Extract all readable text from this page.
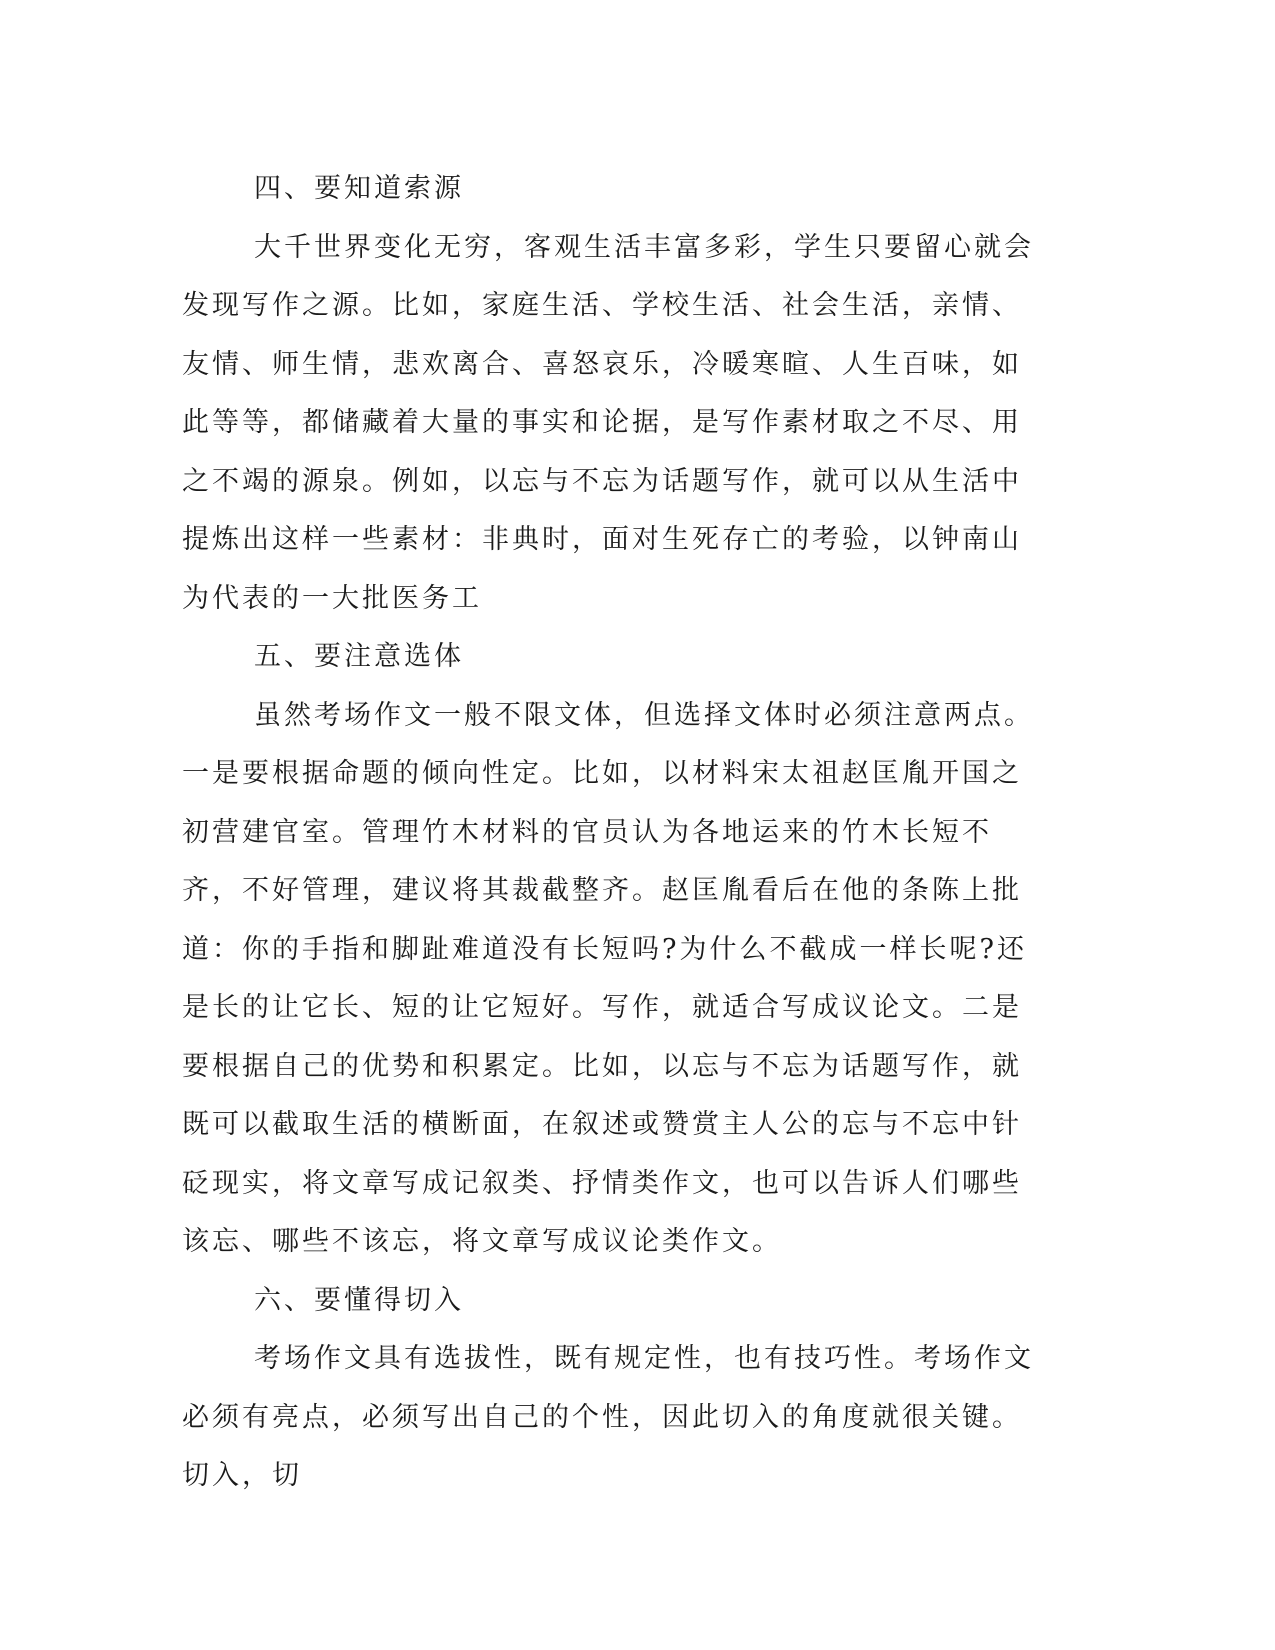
四、要知道索源

大千世界变化无穷，客观生活丰富多彩，学生只要留心就会发现写作之源。比如，家庭生活、学校生活、社会生活，亲情、友情、师生情，悲欢离合、喜怒哀乐，冷暖寒暄、人生百味，如此等等，都储藏着大量的事实和论据，是写作素材取之不尽、用之不竭的源泉。例如，以忘与不忘为话题写作，就可以从生活中提炼出这样一些素材：非典时，面对生死存亡的考验，以钟南山为代表的一大批医务工

五、要注意选体

虽然考场作文一般不限文体，但选择文体时必须注意两点。一是要根据命题的倾向性定。比如，以材料宋太祖赵匡胤开国之初营建官室。管理竹木材料的官员认为各地运来的竹木长短不齐，不好管理，建议将其裁截整齐。赵匡胤看后在他的条陈上批道：你的手指和脚趾难道没有长短吗?为什么不截成一样长呢?还是长的让它长、短的让它短好。写作，就适合写成议论文。二是要根据自己的优势和积累定。比如，以忘与不忘为话题写作，就既可以截取生活的横断面，在叙述或赞赏主人公的忘与不忘中针砭现实，将文章写成记叙类、抒情类作文，也可以告诉人们哪些该忘、哪些不该忘，将文章写成议论类作文。

六、要懂得切入

考场作文具有选拔性，既有规定性，也有技巧性。考场作文必须有亮点，必须写出自己的个性，因此切入的角度就很关键。切入，切
